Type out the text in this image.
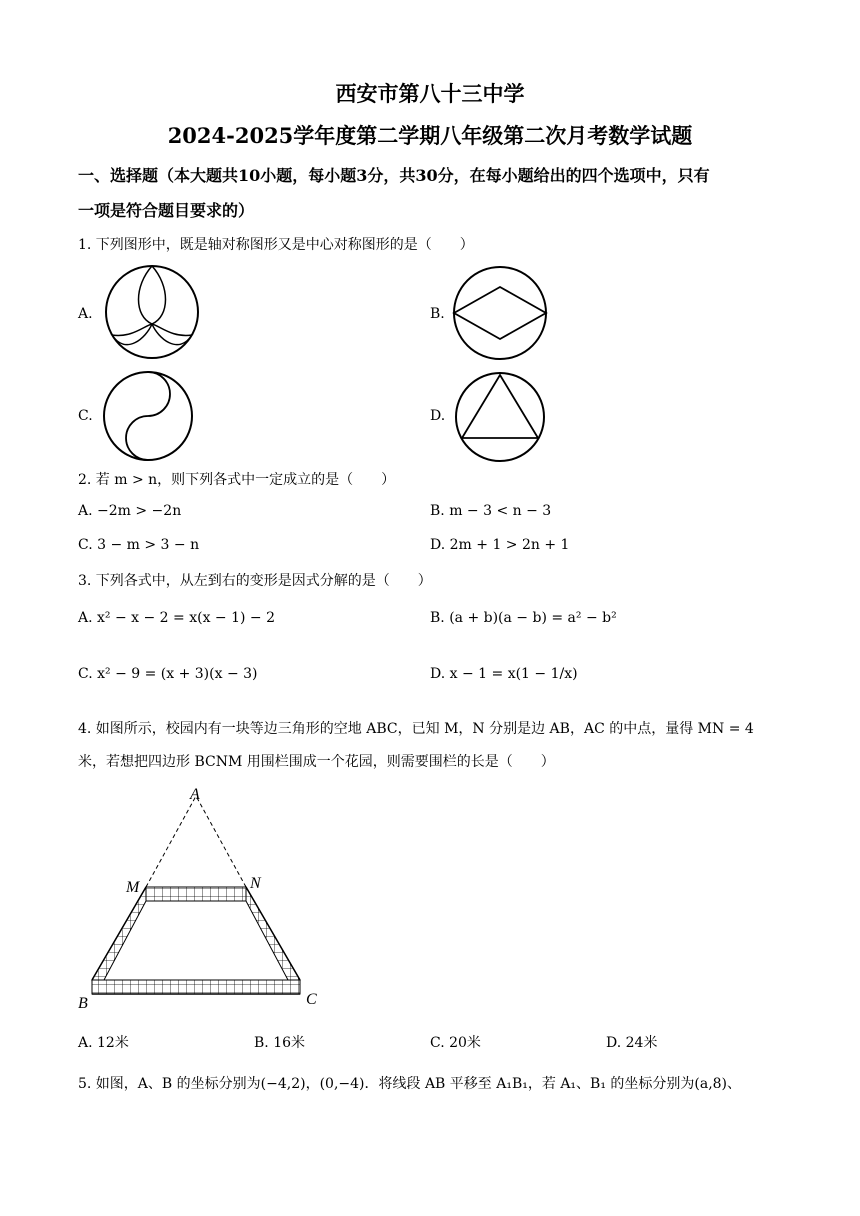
西安市第八十三中学
2024-2025学年度第二学期八年级第二次月考数学试题
一、选择题（本大题共10小题，每小题3分，共30分，在每小题给出的四个选项中，只有
一项是符合题目要求的）
1. 下列图形中，既是轴对称图形又是中心对称图形的是（　　）
A.	B.
C.	D.
2. 若 m > n，则下列各式中一定成立的是（　　）
A. −2m > −2n	B. m − 3 < n − 3
C. 3 − m > 3 − n	D. 2m + 1 > 2n + 1
3. 下列各式中，从左到右的变形是因式分解的是（　　）
A. x² − x − 2 = x(x − 1) − 2	B. (a + b)(a − b) = a² − b²
C. x² − 9 = (x + 3)(x − 3)	D. x − 1 = x(1 − 1/x)
4. 如图所示，校园内有一块等边三角形的空地 ABC，已知 M，N 分别是边 AB，AC 的中点，量得 MN = 4
米，若想把四边形 BCNM 用围栏围成一个花园，则需要围栏的长是（　　）
A
M	N
B	C
A. 12米	B. 16米	C. 20米	D. 24米
5. 如图，A、B 的坐标分别为(−4,2)，(0,−4)．将线段 AB 平移至 A₁B₁，若 A₁、B₁ 的坐标分别为(a,8)、
